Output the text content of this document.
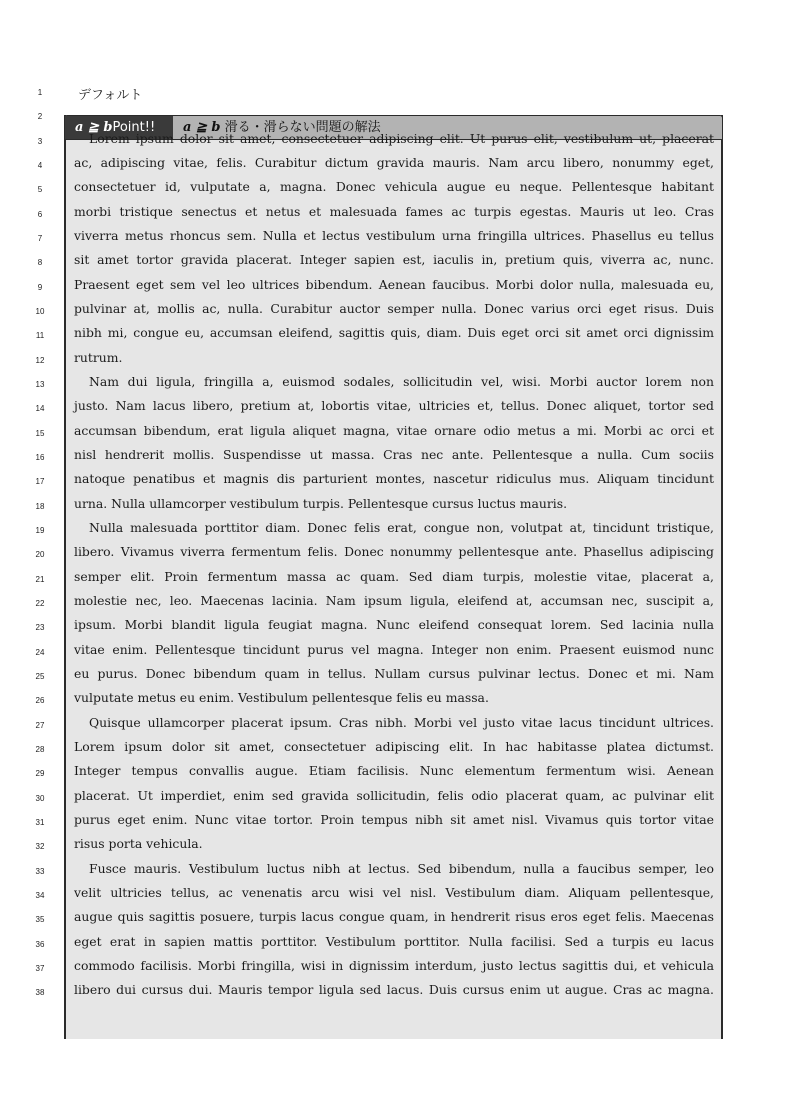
デフォルト
a ≧ bPoint!!	a ≧ b 滑る・滑らない問題の解法
1
2
3
4
5
6
7
8
9
10
11
12
13
14
15
16
17
18
19
20
21
22
23
24
25
26
27
28
29
30
31
32
33
34
35
36
37
38
Lorem ipsum dolor sit amet, consectetuer adipiscing elit. Ut purus elit, vestibulum ut, placerat
ac, adipiscing vitae, felis. Curabitur dictum gravida mauris. Nam arcu libero, nonummy eget,
consectetuer id, vulputate a, magna. Donec vehicula augue eu neque. Pellentesque habitant
morbi tristique senectus et netus et malesuada fames ac turpis egestas. Mauris ut leo. Cras
viverra metus rhoncus sem. Nulla et lectus vestibulum urna fringilla ultrices. Phasellus eu tellus
sit amet tortor gravida placerat. Integer sapien est, iaculis in, pretium quis, viverra ac, nunc.
Praesent eget sem vel leo ultrices bibendum. Aenean faucibus. Morbi dolor nulla, malesuada eu,
pulvinar at, mollis ac, nulla. Curabitur auctor semper nulla. Donec varius orci eget risus. Duis
nibh mi, congue eu, accumsan eleifend, sagittis quis, diam. Duis eget orci sit amet orci dignissim
rutrum.
Nam dui ligula, fringilla a, euismod sodales, sollicitudin vel, wisi. Morbi auctor lorem non
justo. Nam lacus libero, pretium at, lobortis vitae, ultricies et, tellus. Donec aliquet, tortor sed
accumsan bibendum, erat ligula aliquet magna, vitae ornare odio metus a mi. Morbi ac orci et
nisl hendrerit mollis. Suspendisse ut massa. Cras nec ante. Pellentesque a nulla. Cum sociis
natoque penatibus et magnis dis parturient montes, nascetur ridiculus mus. Aliquam tincidunt
urna. Nulla ullamcorper vestibulum turpis. Pellentesque cursus luctus mauris.
Nulla malesuada porttitor diam. Donec felis erat, congue non, volutpat at, tincidunt tristique,
libero. Vivamus viverra fermentum felis. Donec nonummy pellentesque ante. Phasellus adipiscing
semper elit. Proin fermentum massa ac quam. Sed diam turpis, molestie vitae, placerat a,
molestie nec, leo. Maecenas lacinia. Nam ipsum ligula, eleifend at, accumsan nec, suscipit a,
ipsum. Morbi blandit ligula feugiat magna. Nunc eleifend consequat lorem. Sed lacinia nulla
vitae enim. Pellentesque tincidunt purus vel magna. Integer non enim. Praesent euismod nunc
eu purus. Donec bibendum quam in tellus. Nullam cursus pulvinar lectus. Donec et mi. Nam
vulputate metus eu enim. Vestibulum pellentesque felis eu massa.
Quisque ullamcorper placerat ipsum. Cras nibh. Morbi vel justo vitae lacus tincidunt ultrices.
Lorem ipsum dolor sit amet, consectetuer adipiscing elit. In hac habitasse platea dictumst.
Integer tempus convallis augue. Etiam facilisis. Nunc elementum fermentum wisi. Aenean
placerat. Ut imperdiet, enim sed gravida sollicitudin, felis odio placerat quam, ac pulvinar elit
purus eget enim. Nunc vitae tortor. Proin tempus nibh sit amet nisl. Vivamus quis tortor vitae
risus porta vehicula.
Fusce mauris. Vestibulum luctus nibh at lectus. Sed bibendum, nulla a faucibus semper, leo
velit ultricies tellus, ac venenatis arcu wisi vel nisl. Vestibulum diam. Aliquam pellentesque,
augue quis sagittis posuere, turpis lacus congue quam, in hendrerit risus eros eget felis. Maecenas
eget erat in sapien mattis porttitor. Vestibulum porttitor. Nulla facilisi. Sed a turpis eu lacus
commodo facilisis. Morbi fringilla, wisi in dignissim interdum, justo lectus sagittis dui, et vehicula
libero dui cursus dui. Mauris tempor ligula sed lacus. Duis cursus enim ut augue. Cras ac magna.
